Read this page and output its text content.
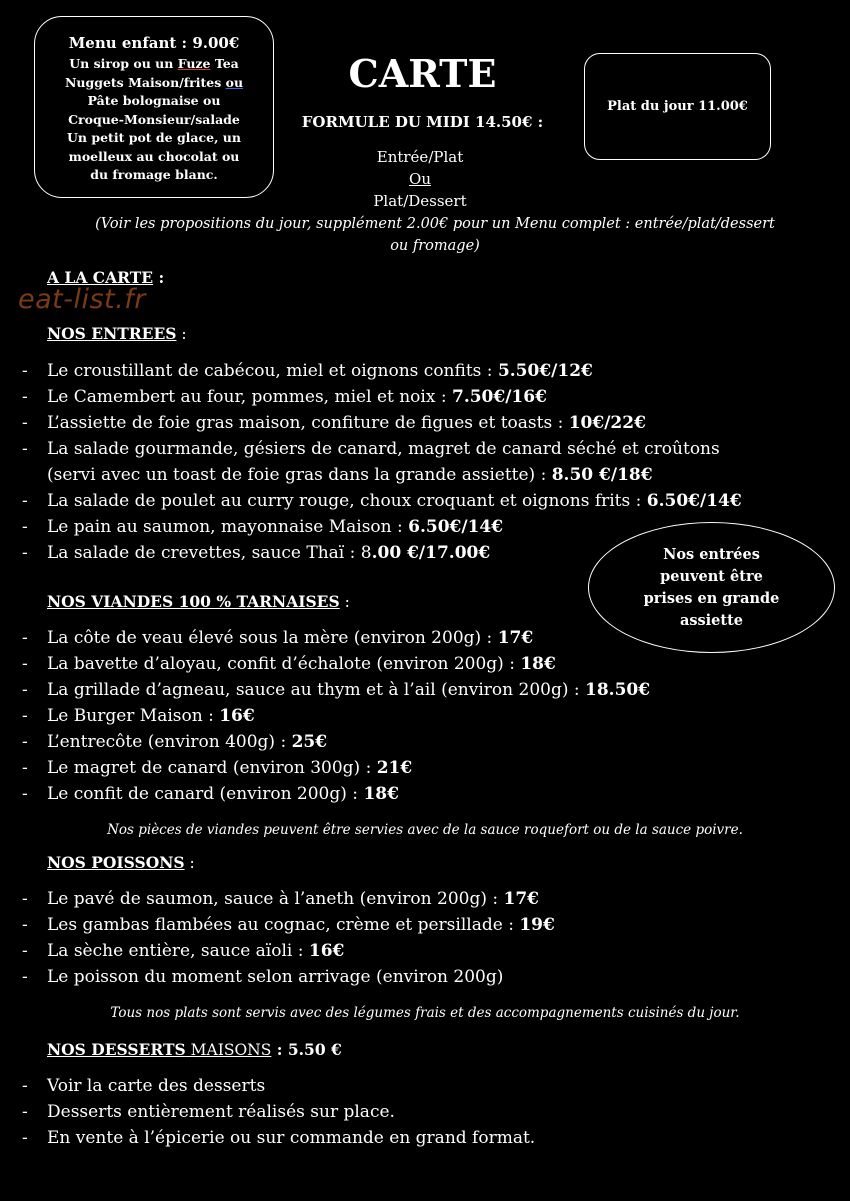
Menu enfant : 9.00€
Un sirop ou un Fuze Tea
Nuggets Maison/frites ou
Pâte bolognaise ou
Croque-Monsieur/salade
Un petit pot de glace, un
moelleux au chocolat ou
du fromage blanc.
CARTE
FORMULE DU MIDI 14.50€ :
Entrée/Plat
Ou
Plat/Dessert
Plat du jour 11.00€
(Voir les propositions du jour, supplément 2.00€ pour un Menu complet : entrée/plat/dessert
ou fromage)
A LA CARTE :
eat-list.fr
NOS ENTREES :
- Le croustillant de cabécou, miel et oignons confits : 5.50€/12€
- Le Camembert au four, pommes, miel et noix : 7.50€/16€
- L’assiette de foie gras maison, confiture de figues et toasts : 10€/22€
- La salade gourmande, gésiers de canard, magret de canard séché et croûtons
(servi avec un toast de foie gras dans la grande assiette) : 8.50 €/18€
- La salade de poulet au curry rouge, choux croquant et oignons frits : 6.50€/14€
- Le pain au saumon, mayonnaise Maison : 6.50€/14€
- La salade de crevettes, sauce Thaï : 8.00 €/17.00€	Nos entrées
peuvent être
prises en grande
assiette
NOS VIANDES 100 % TARNAISES :
- La côte de veau élevé sous la mère (environ 200g) : 17€
- La bavette d’aloyau, confit d’échalote (environ 200g) : 18€
- La grillade d’agneau, sauce au thym et à l’ail (environ 200g) : 18.50€
- Le Burger Maison : 16€
- L’entrecôte (environ 400g) : 25€
- Le magret de canard (environ 300g) : 21€
- Le confit de canard (environ 200g) : 18€
Nos pièces de viandes peuvent être servies avec de la sauce roquefort ou de la sauce poivre.
NOS POISSONS :
- Le pavé de saumon, sauce à l’aneth (environ 200g) : 17€
- Les gambas flambées au cognac, crème et persillade : 19€
- La sèche entière, sauce aïoli : 16€
- Le poisson du moment selon arrivage (environ 200g)
Tous nos plats sont servis avec des légumes frais et des accompagnements cuisinés du jour.
NOS DESSERTS MAISONS : 5.50 €
- Voir la carte des desserts
- Desserts entièrement réalisés sur place.
- En vente à l’épicerie ou sur commande en grand format.
